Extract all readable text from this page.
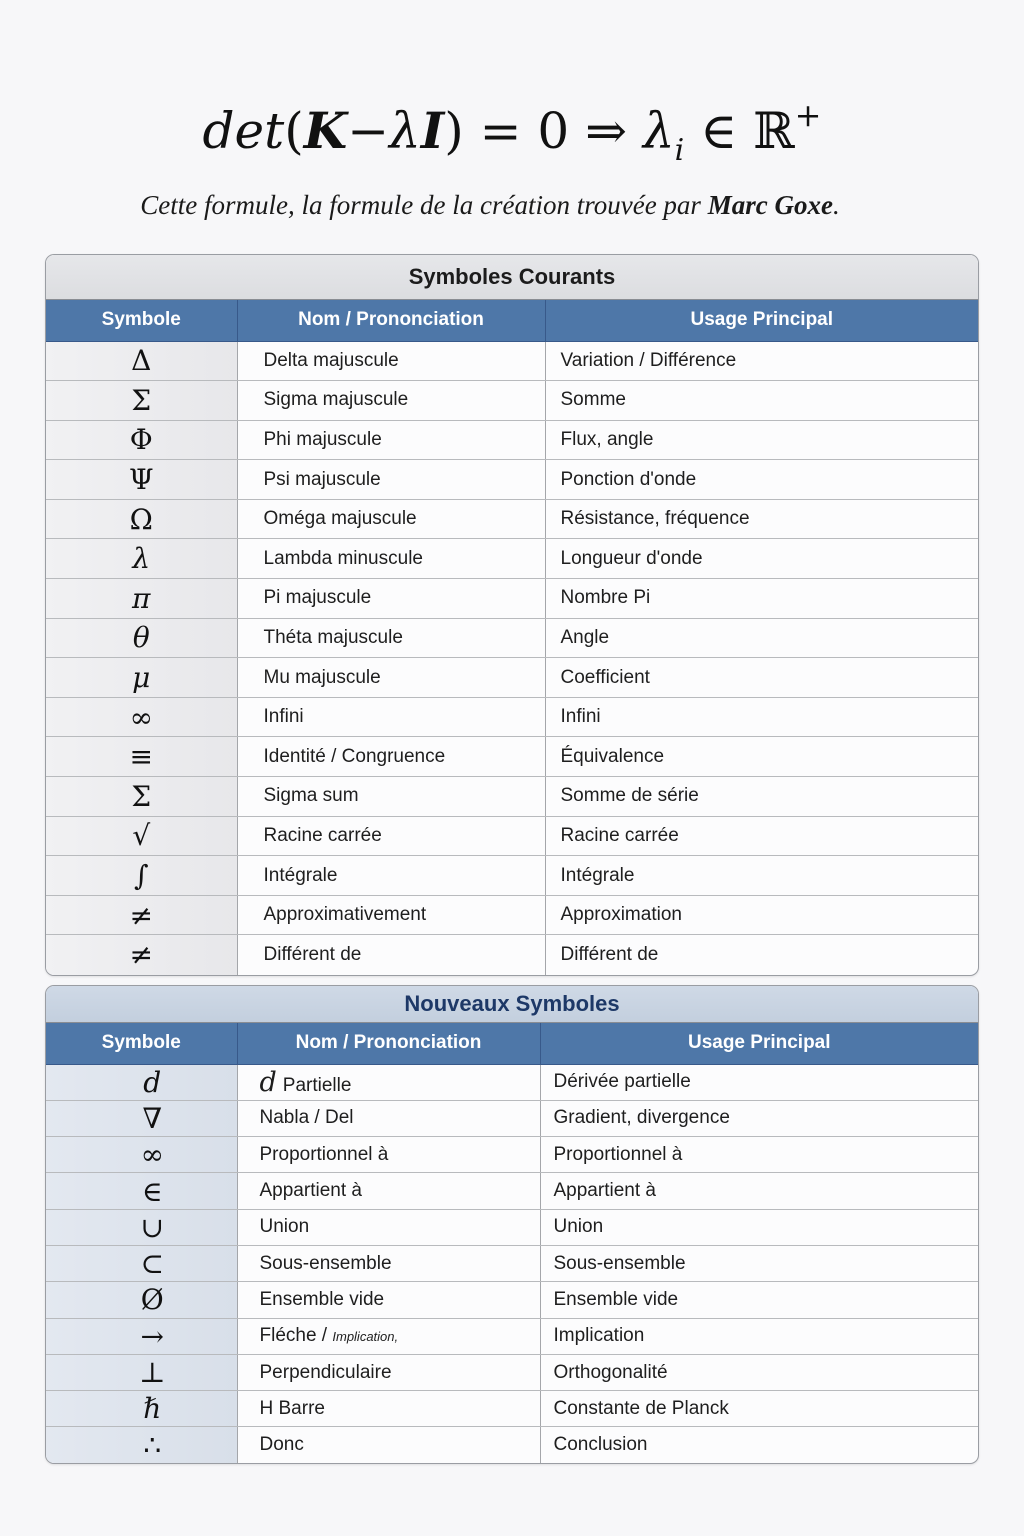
det(K−λI) = 0 ⇒ $\lambda_i$ ∈ ℝ+
Cette formule, la formule de la création trouvée par Marc Goxe.
Symboles Courants
Symbole	Nom / Prononciation	Usage Principal
Δ	Delta majuscule	Variation / Différence
Σ	Sigma majuscule	Somme
Φ	Phi majuscule	Flux, angle
Ψ	Psi majuscule	Ponction d'onde
Ω	Oméga majuscule	Résistance, fréquence
λ	Lambda minuscule	Longueur d'onde
π	Pi majuscule	Nombre Pi
θ	Théta majuscule	Angle
μ	Mu majuscule	Coefficient
∞	Infini	Infini
≡	Identité / Congruence	Équivalence
Σ	Sigma sum	Somme de série
√	Racine carrée	Racine carrée
∫	Intégrale	Intégrale
≠	Approximativement	Approximation
≠	Différent de	Différent de
Nouveaux Symboles
Symbole	Nom / Prononciation	Usage Principal
d	d Partielle	Dérivée partielle
∇	Nabla / Del	Gradient, divergence
∞	Proportionnel à	Proportionnel à
∈	Appartient à	Appartient à
∪	Union	Union
⊂	Sous-ensemble	Sous-ensemble
Ø	Ensemble vide	Ensemble vide
→	Fléche / Implication,	Implication
⊥	Perpendiculaire	Orthogonalité
ℏ	H Barre	Constante de Planck
∴	Donc	Conclusion
